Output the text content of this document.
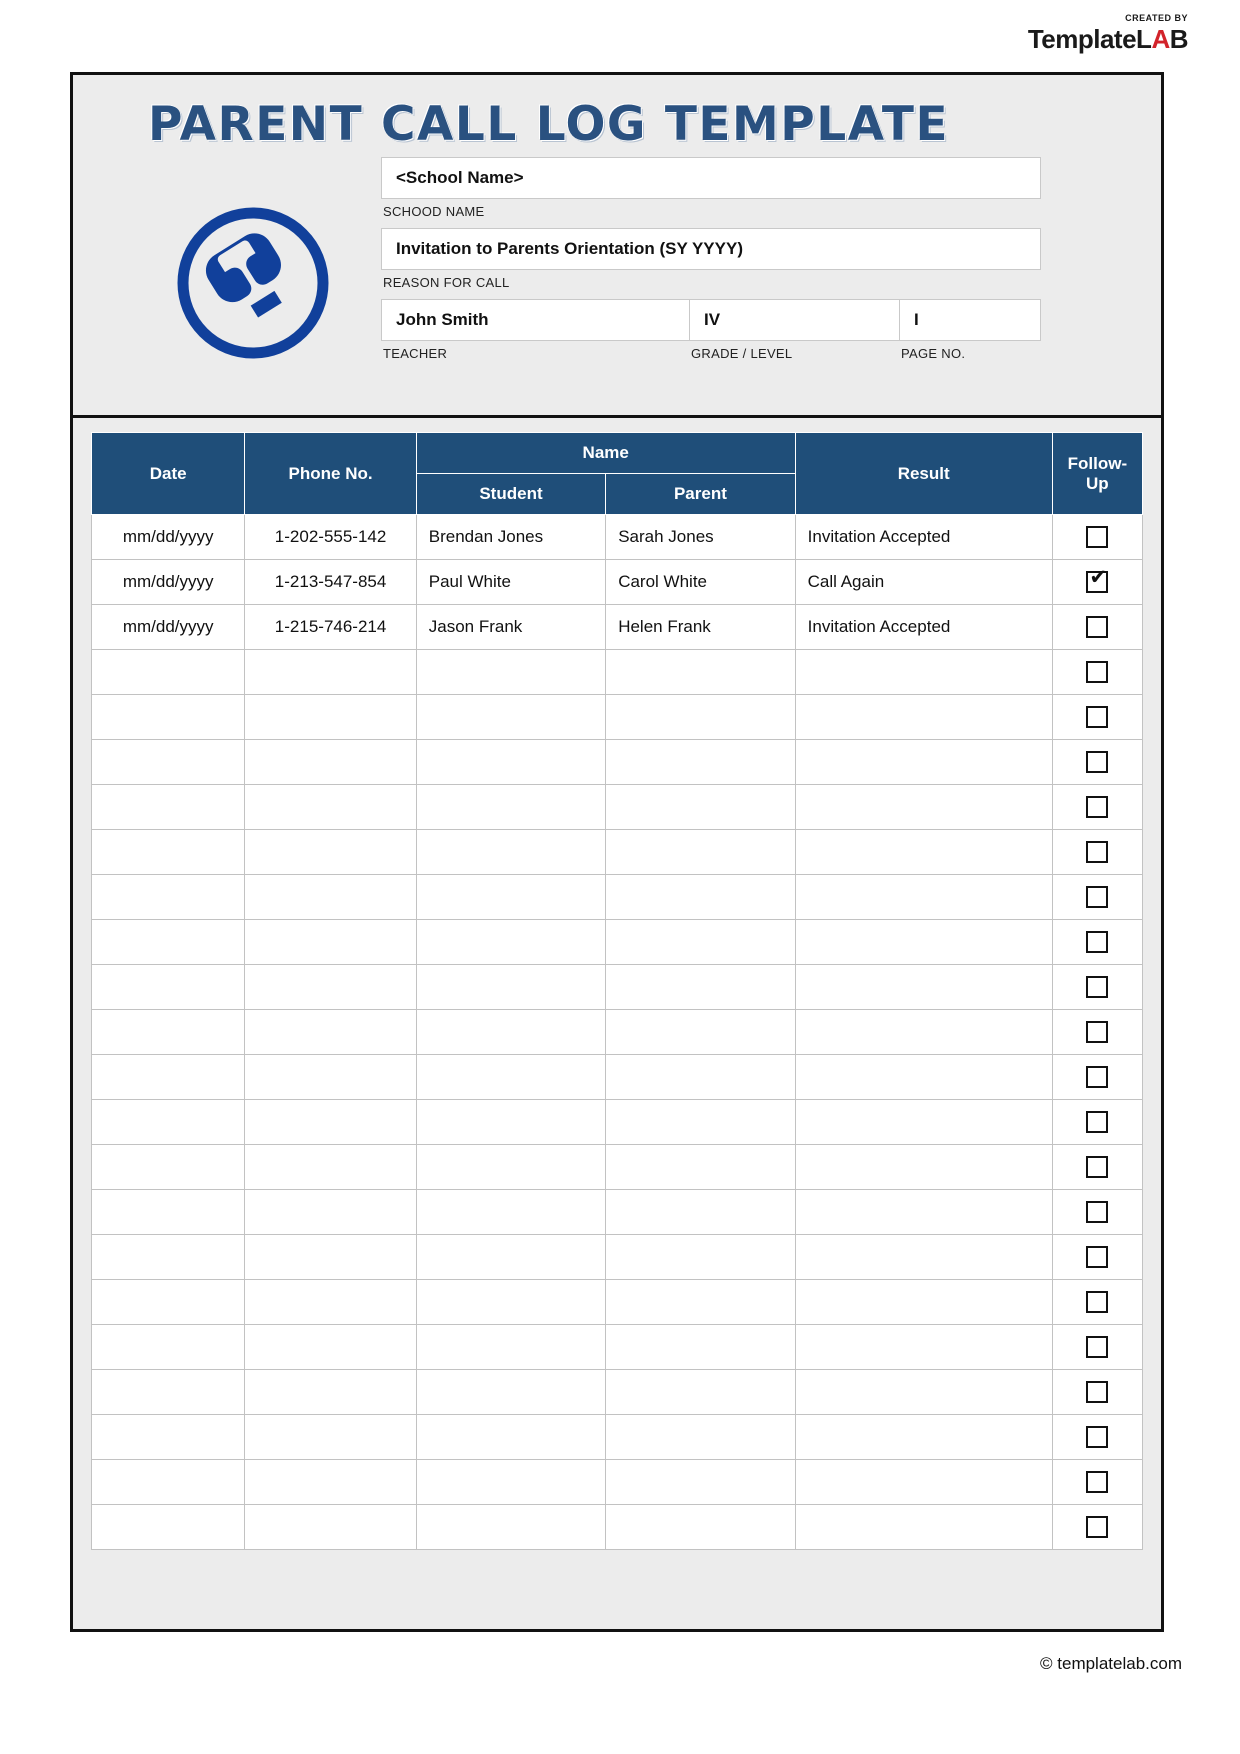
CREATED BY
TemplateLAB
PARENT CALL LOG TEMPLATE
<School Name>
SCHOOD NAME
Invitation to Parents Orientation (SY YYYY)
REASON FOR CALL
John Smith	IV	I
TEACHER	GRADE / LEVEL	PAGE NO.
Date	Phone No.	Name		Result	Follow-Up
		Student	Parent		
mm/dd/yyyy	1-202-555-142	Brendan Jones	Sarah Jones	Invitation Accepted	
mm/dd/yyyy	1-213-547-854	Paul White	Carol White	Call Again	✔
mm/dd/yyyy	1-215-746-214	Jason Frank	Helen Frank	Invitation Accepted	

© templatelab.com
